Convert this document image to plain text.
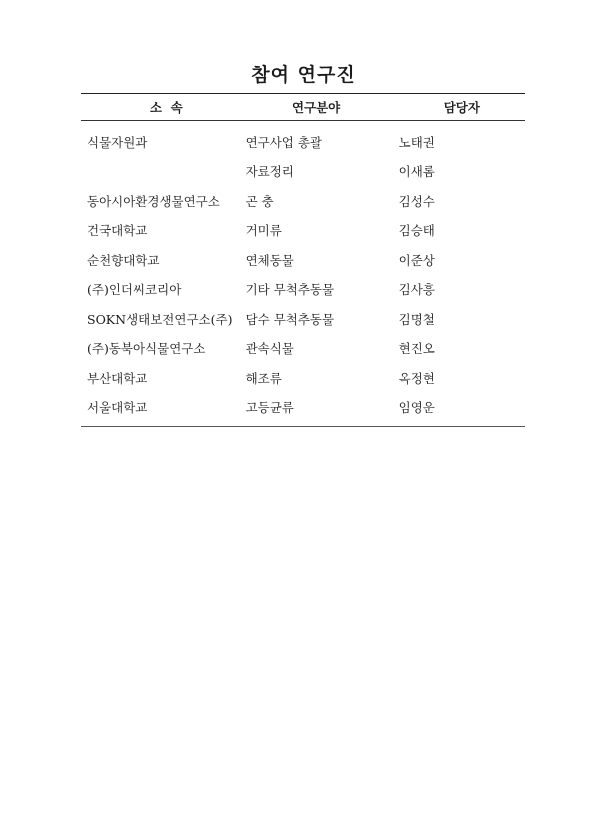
참여 연구진
소  속	연구분야	담당자
식물자원과	연구사업 총괄	노태권
	자료정리	이새롬
동아시아환경생물연구소	곤 충	김성수
건국대학교	거미류	김승태
순천향대학교	연체동물	이준상
(주)인더씨코리아	기타 무척추동물	김사흥
SOKN생태보전연구소(주)	담수 무척추동물	김명철
(주)동북아식물연구소	관속식물	현진오
부산대학교	해조류	옥정현
서울대학교	고등균류	임영운
